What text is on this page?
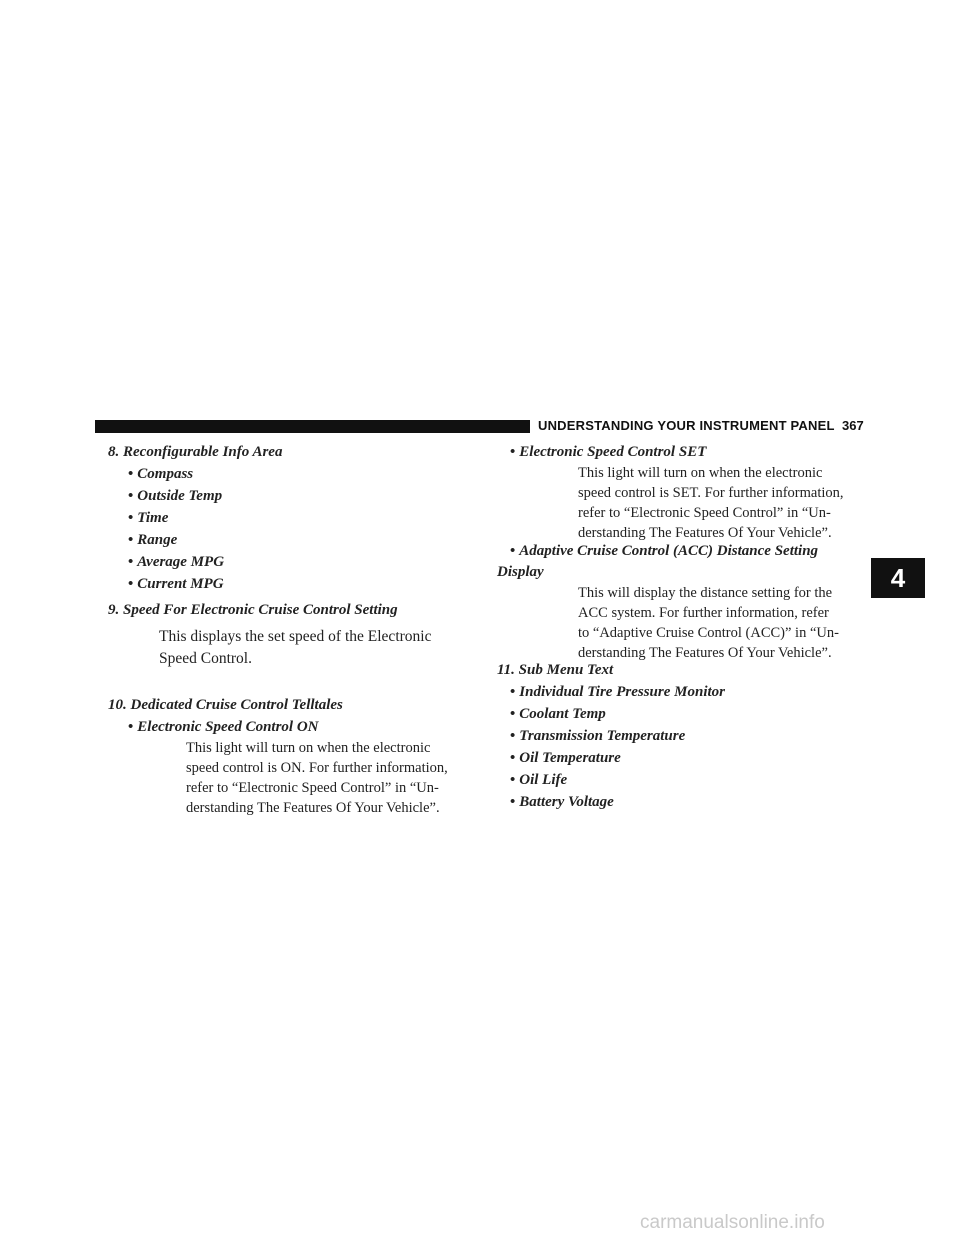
UNDERSTANDING YOUR INSTRUMENT PANEL 367
4
8. Reconfigurable Info Area
• Compass
• Outside Temp
• Time
• Range
• Average MPG
• Current MPG
9. Speed For Electronic Cruise Control Setting
This displays the set speed of the Electronic
Speed Control.
10. Dedicated Cruise Control Telltales
• Electronic Speed Control ON
This light will turn on when the electronic
speed control is ON. For further information,
refer to “Electronic Speed Control” in “Un-
derstanding The Features Of Your Vehicle”.
• Electronic Speed Control SET
This light will turn on when the electronic
speed control is SET. For further information,
refer to “Electronic Speed Control” in “Un-
derstanding The Features Of Your Vehicle”.
• Adaptive Cruise Control (ACC) Distance Setting
Display
This will display the distance setting for the
ACC system. For further information, refer
to “Adaptive Cruise Control (ACC)” in “Un-
derstanding The Features Of Your Vehicle”.
11. Sub Menu Text
• Individual Tire Pressure Monitor
• Coolant Temp
• Transmission Temperature
• Oil Temperature
• Oil Life
• Battery Voltage
carmanualsonline.info
